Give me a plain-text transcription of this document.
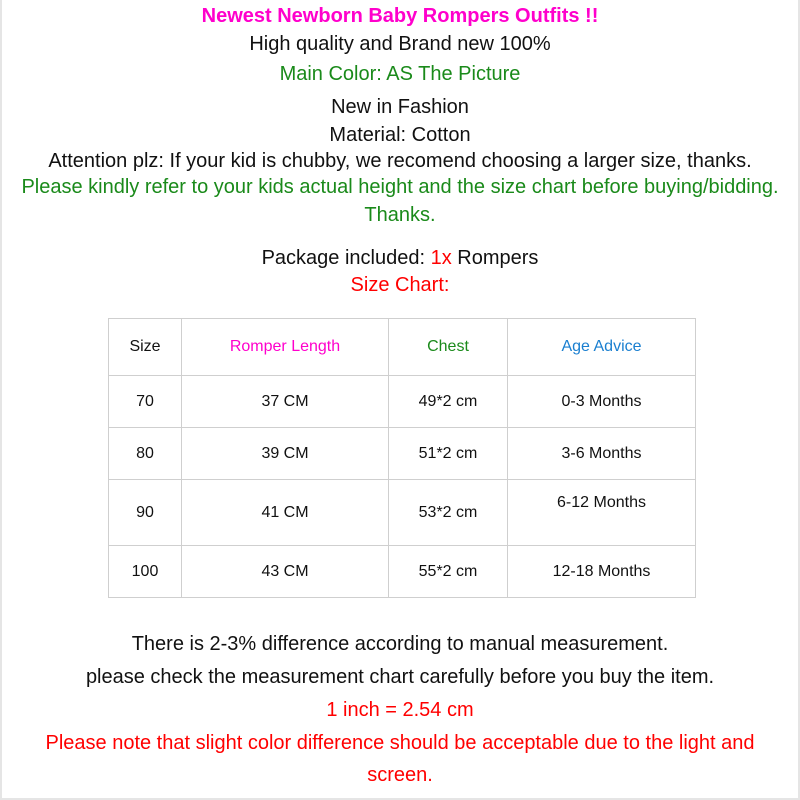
Newest Newborn Baby Rompers Outfits !!
High quality and Brand new 100%
Main Color: AS The Picture
New in Fashion
Material: Cotton
Attention plz: If your kid is chubby, we recomend choosing a larger size, thanks.
Please kindly refer to your kids actual height and the size chart before buying/bidding.
Thanks.
Package included: 1x Rompers
Size Chart:
Size	Romper Length	Chest	Age Advice
70	37 CM	49*2 cm	0-3 Months
80	39 CM	51*2 cm	3-6 Months
90	41 CM	53*2 cm	6-12 Months
100	43 CM	55*2 cm	12-18 Months
There is 2-3% difference according to manual measurement.
please check the measurement chart carefully before you buy the item.
1 inch = 2.54 cm
Please note that slight color difference should be acceptable due to the light and
screen.
